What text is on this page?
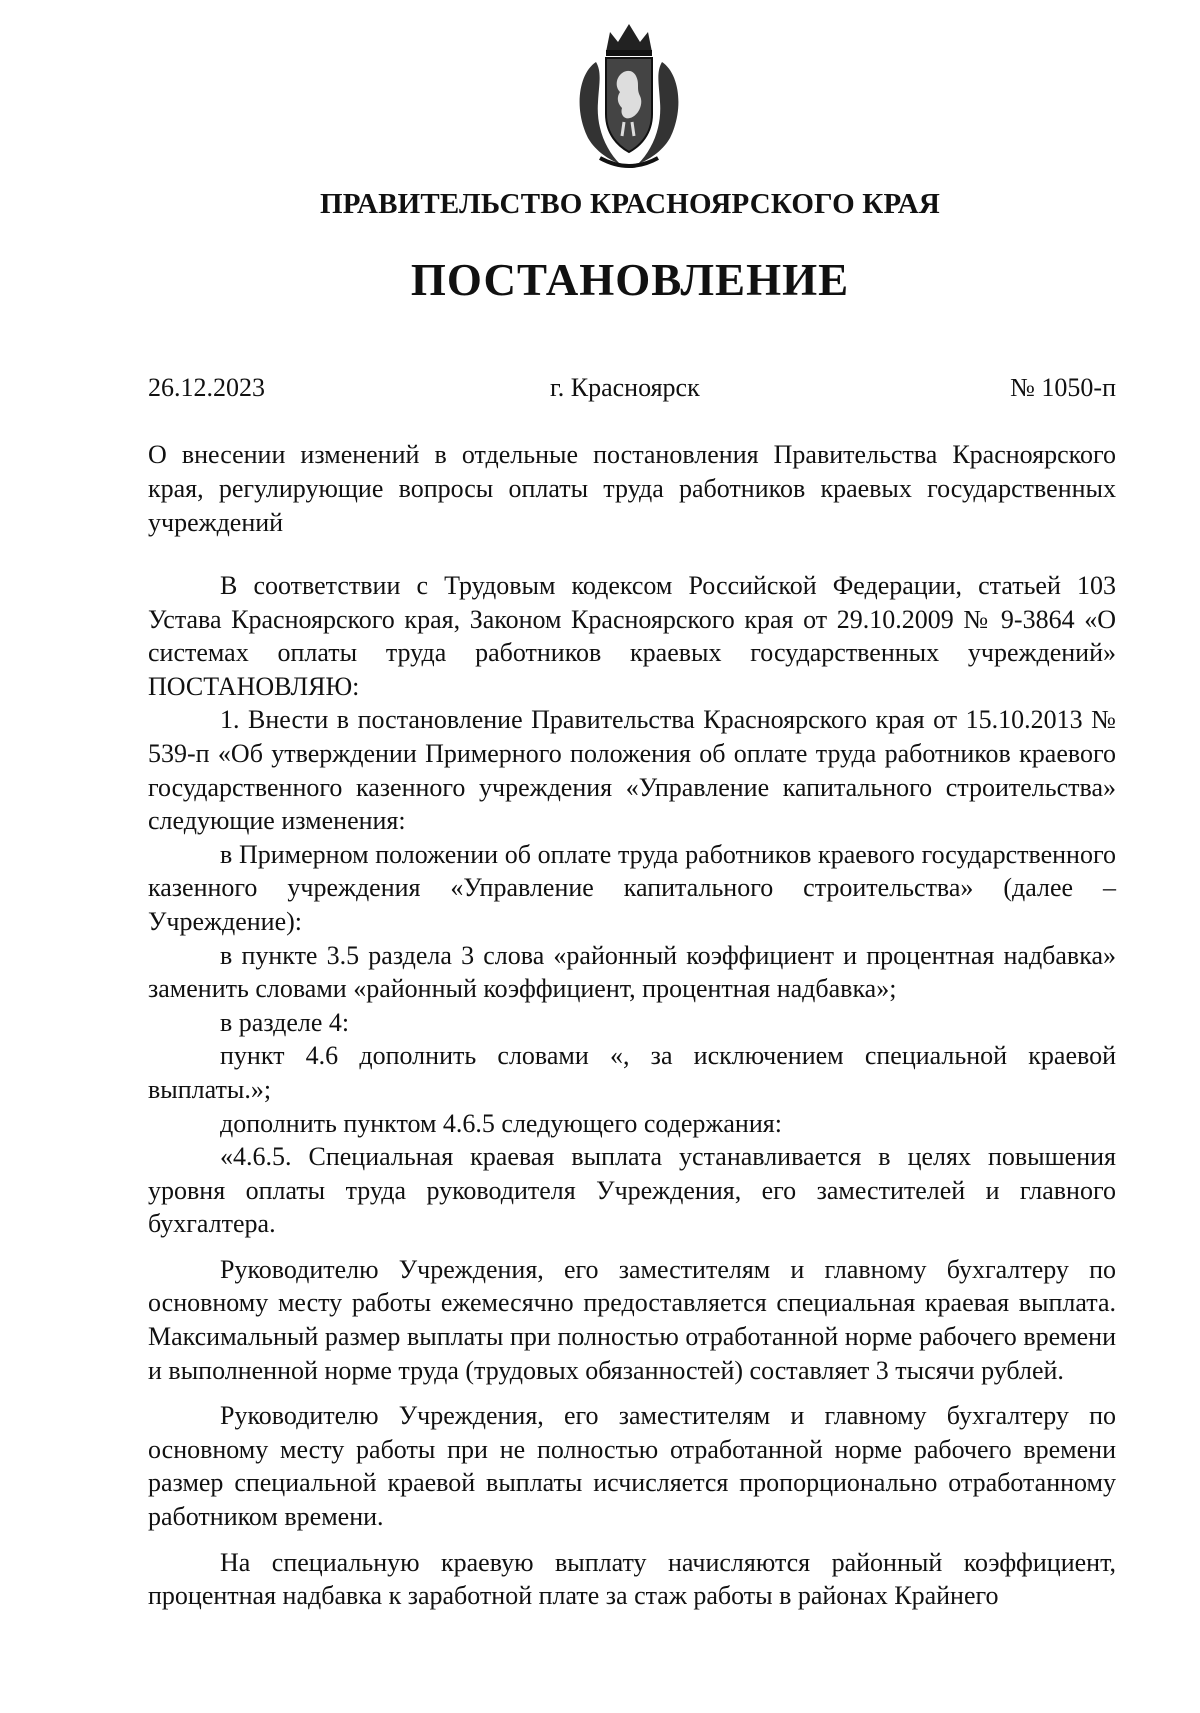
ПРАВИТЕЛЬСТВО КРАСНОЯРСКОГО КРАЯ
ПОСТАНОВЛЕНИЕ
26.12.2023	г. Красноярск	№ 1050-п
О внесении изменений в отдельные постановления Правительства Красноярского края, регулирующие вопросы оплаты труда работников краевых государственных учреждений

В соответствии с Трудовым кодексом Российской Федерации, статьей 103 Устава Красноярского края, Законом Красноярского края от 29.10.2009 № 9-3864 «О системах оплаты труда работников краевых государственных учреждений» ПОСТАНОВЛЯЮ:

1. Внести в постановление Правительства Красноярского края от 15.10.2013 № 539-п «Об утверждении Примерного положения об оплате труда работников краевого государственного казенного учреждения «Управление капитального строительства» следующие изменения:

в Примерном положении об оплате труда работников краевого государственного казенного учреждения «Управление капитального строительства» (далее – Учреждение):

в пункте 3.5 раздела 3 слова «районный коэффициент и процентная надбавка» заменить словами «районный коэффициент, процентная надбавка»;

в разделе 4:

пункт 4.6 дополнить словами «, за исключением специальной краевой выплаты.»;

дополнить пунктом 4.6.5 следующего содержания:

«4.6.5. Специальная краевая выплата устанавливается в целях повышения уровня оплаты труда руководителя Учреждения, его заместителей и главного бухгалтера.

Руководителю Учреждения, его заместителям и главному бухгалтеру по основному месту работы ежемесячно предоставляется специальная краевая выплата. Максимальный размер выплаты при полностью отработанной норме рабочего времени и выполненной норме труда (трудовых обязанностей) составляет 3 тысячи рублей.

Руководителю Учреждения, его заместителям и главному бухгалтеру по основному месту работы при не полностью отработанной норме рабочего времени размер специальной краевой выплаты исчисляется пропорционально отработанному работником времени.

На специальную краевую выплату начисляются районный коэффициент, процентная надбавка к заработной плате за стаж работы в районах Крайнего
